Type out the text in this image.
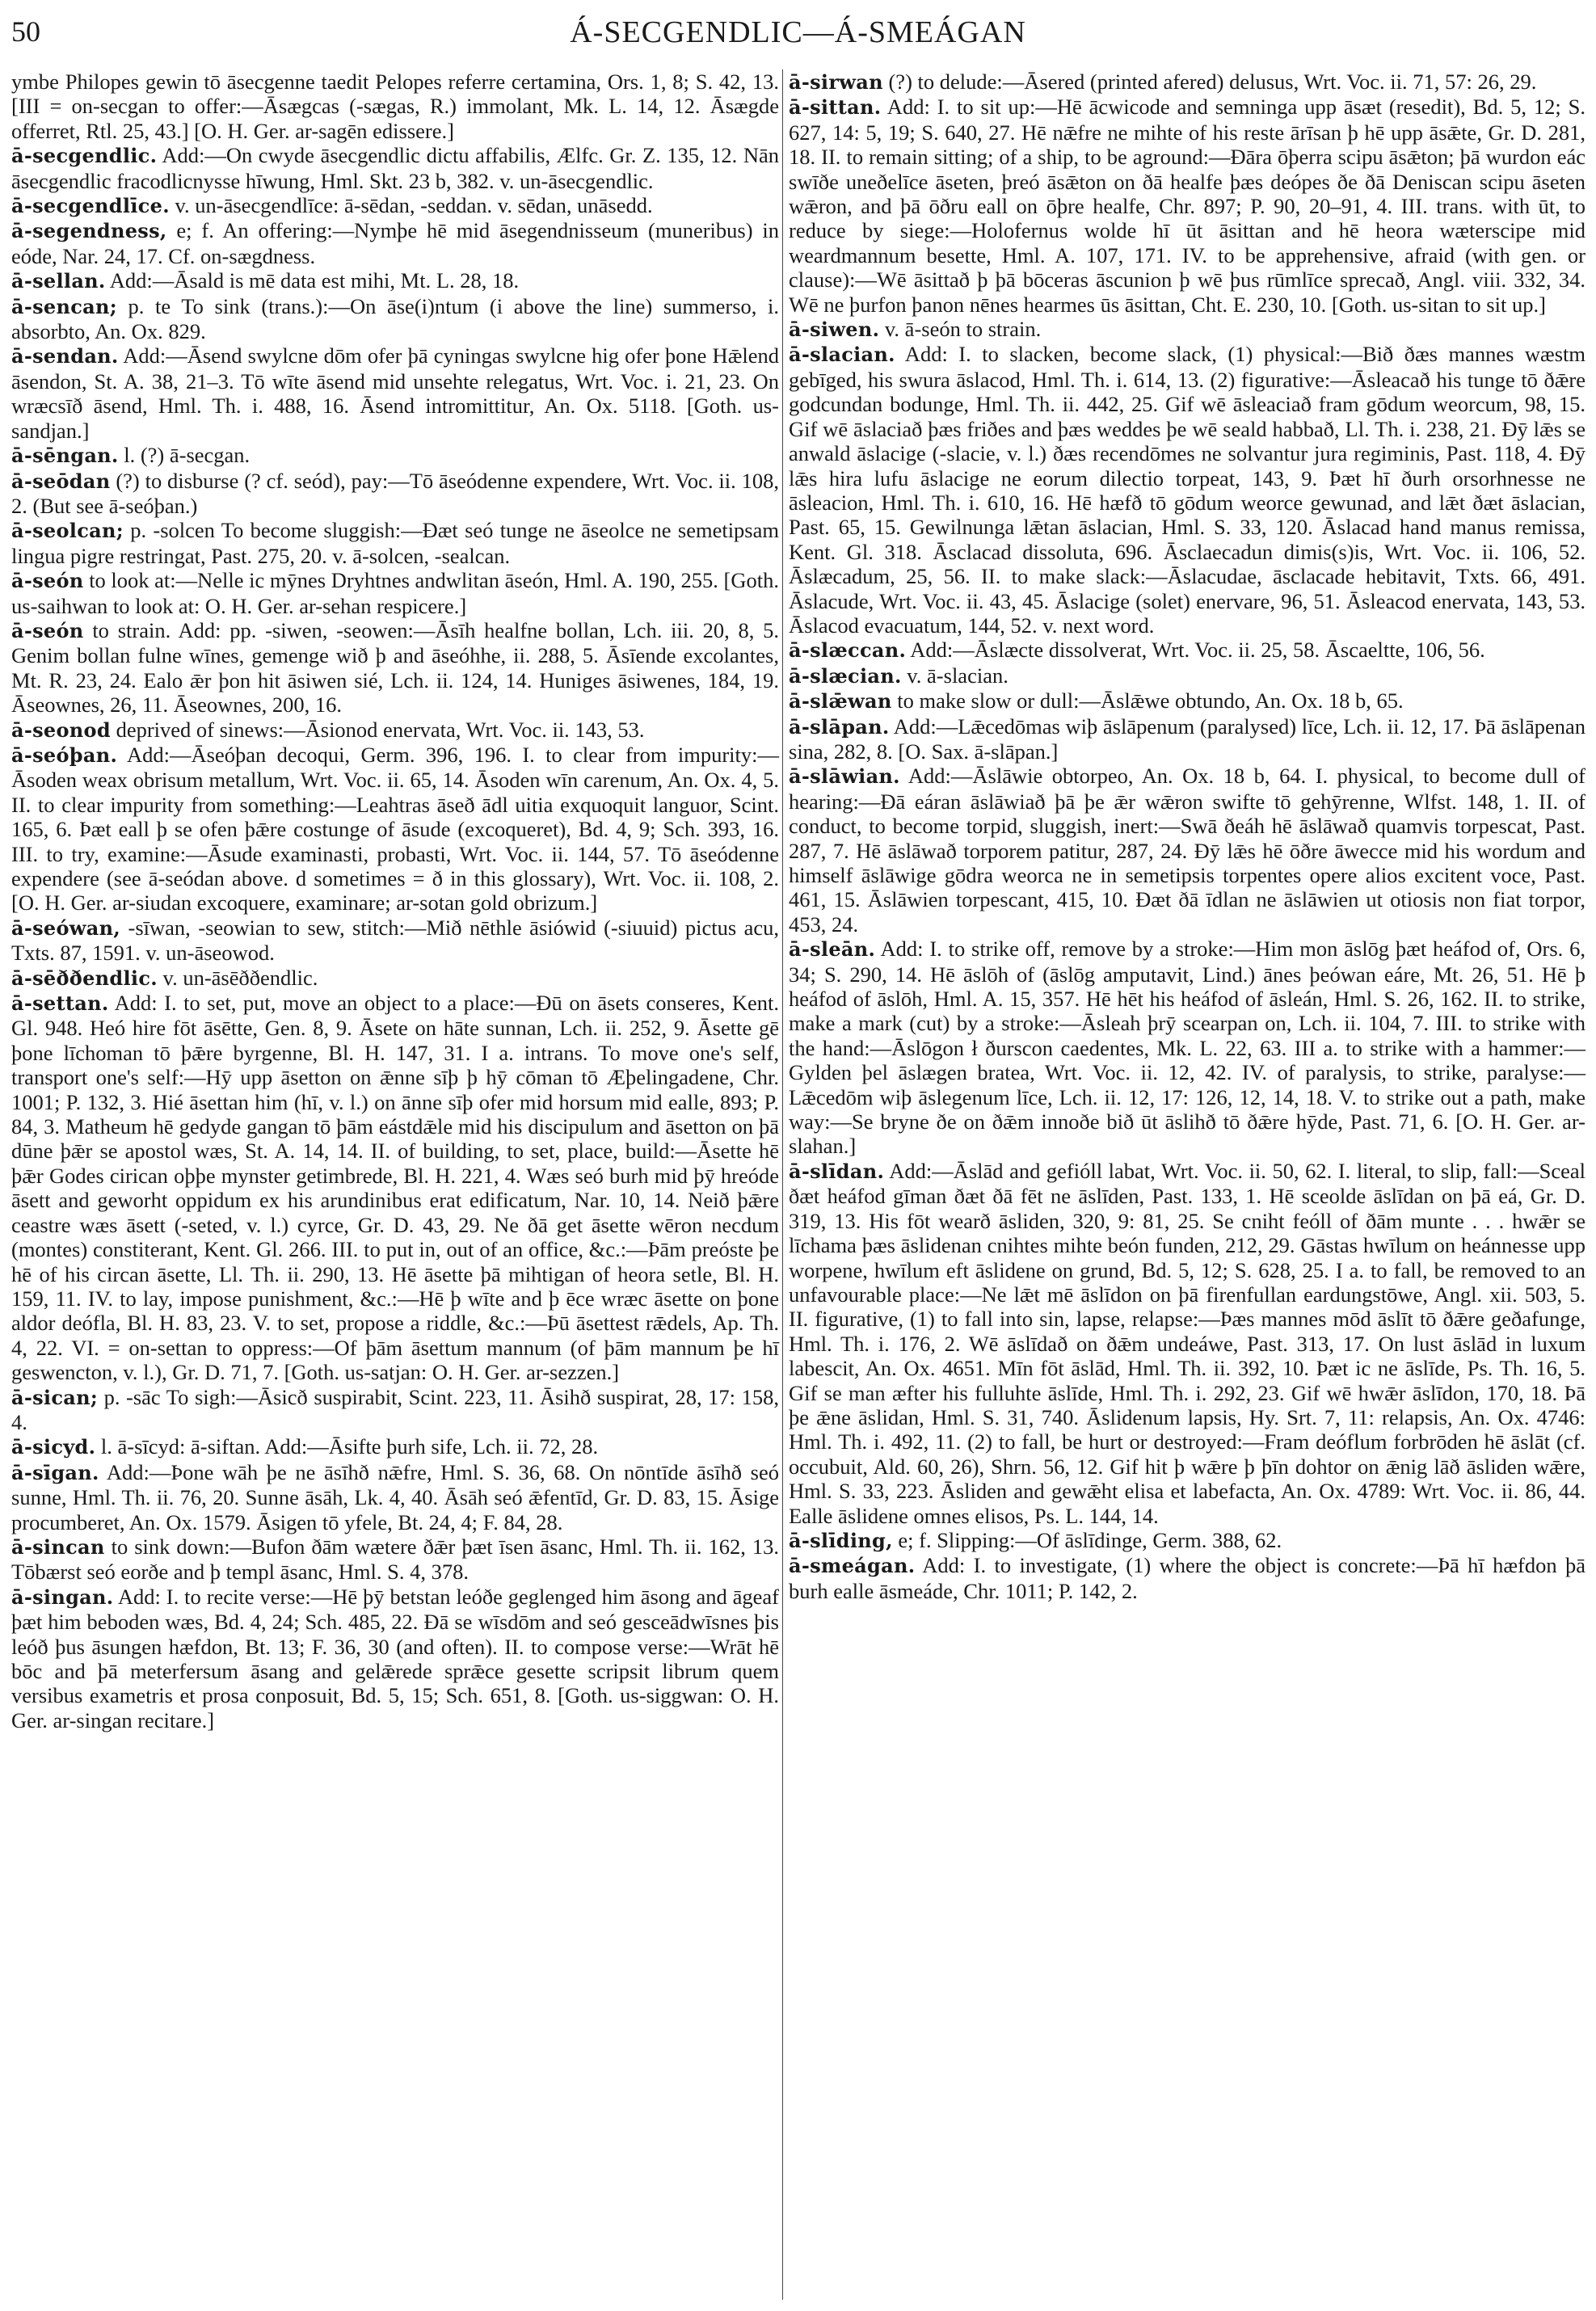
50	Á-SECGENDLIC—Á-SMEÁGAN

ymbe Philopes gewin tō āsecgenne taedit Pelopes referre certamina, Ors. 1, 8; S. 42, 13. [III = on-secgan to offer:—Āsægcas (-sægas, R.) immolant, Mk. L. 14, 12. Āsægde offerret, Rtl. 25, 43.] [O. H. Ger. ar-sagēn edissere.]

ā-secgendlic. Add:—On cwyde āsecgendlic dictu affabilis, Ælfc. Gr. Z. 135, 12. Nān āsecgendlic fracodlicnysse hīwung, Hml. Skt. 23 b, 382. v. un-āsecgendlic.

ā-secgendlīce. v. un-āsecgendlīce: ā-sēdan, -seddan. v. sēdan, unāsedd.

ā-segendness, e; f. An offering:—Nymþe hē mid āsegendnisseum (muneribus) in eóde, Nar. 24, 17. Cf. on-sægdness.

ā-sellan. Add:—Āsald is mē data est mihi, Mt. L. 28, 18.

ā-sencan; p. te To sink (trans.):—On āse(i)ntum (i above the line) summerso, i. absorbto, An. Ox. 829.

ā-sendan. Add:—Āsend swylcne dōm ofer þā cyningas swylcne hig ofer þone Hǣlend āsendon, St. A. 38, 21–3. Tō wīte āsend mid unsehte relegatus, Wrt. Voc. i. 21, 23. On wræcsīð āsend, Hml. Th. i. 488, 16. Āsend intromittitur, An. Ox. 5118. [Goth. us-sandjan.]

ā-sēngan. l. (?) ā-secgan.

ā-seōdan (?) to disburse (? cf. seód), pay:—Tō āseódenne expendere, Wrt. Voc. ii. 108, 2. (But see ā-seóþan.)

ā-seolcan; p. -solcen To become sluggish:—Ðæt seó tunge ne āseolce ne semetipsam lingua pigre restringat, Past. 275, 20. v. ā-solcen, -sealcan.

ā-seón to look at:—Nelle ic mȳnes Dryhtnes andwlitan āseón, Hml. A. 190, 255. [Goth. us-saihwan to look at: O. H. Ger. ar-sehan respicere.]

ā-seón to strain. Add: pp. -siwen, -seowen:—Āsīh healfne bollan, Lch. iii. 20, 8, 5. Genim bollan fulne wīnes, gemenge wið þ and āseóhhe, ii. 288, 5. Āsīende excolantes, Mt. R. 23, 24. Ealo ǣr þon hit āsiwen sié, Lch. ii. 124, 14. Huniges āsiwenes, 184, 19. Āseownes, 26, 11. Āseownes, 200, 16.

ā-seonod deprived of sinews:—Āsionod enervata, Wrt. Voc. ii. 143, 53.

ā-seóþan. Add:—Āseóþan decoqui, Germ. 396, 196. I. to clear from impurity:—Āsoden weax obrisum metallum, Wrt. Voc. ii. 65, 14. Āsoden wīn carenum, An. Ox. 4, 5. II. to clear impurity from something:—Leahtras āseð ādl uitia exquoquit languor, Scint. 165, 6. Þæt eall þ se ofen þǣre costunge of āsude (excoqueret), Bd. 4, 9; Sch. 393, 16. III. to try, examine:—Āsude examinasti, probasti, Wrt. Voc. ii. 144, 57. Tō āseódenne expendere (see ā-seódan above. d sometimes = ð in this glossary), Wrt. Voc. ii. 108, 2. [O. H. Ger. ar-siudan excoquere, examinare; ar-sotan gold obrizum.]

ā-seówan, -sīwan, -seowian to sew, stitch:—Mið nēthle āsiówid (-siuuid) pictus acu, Txts. 87, 1591. v. un-āseowod.

ā-sēððendlic. v. un-āsēððendlic.

ā-settan. Add: I. to set, put, move an object to a place:—Ðū on āsets conseres, Kent. Gl. 948. Heó hire fōt āsētte, Gen. 8, 9. Āsete on hāte sunnan, Lch. ii. 252, 9. Āsette gē þone līchoman tō þǣre byrgenne, Bl. H. 147, 31. I a. intrans. To move one's self, transport one's self:—Hȳ upp āsetton on ǣnne sīþ þ hȳ cōman tō Æþelingadene, Chr. 1001; P. 132, 3. Hié āsettan him (hī, v. l.) on ānne sīþ ofer mid horsum mid ealle, 893; P. 84, 3. Matheum hē gedyde gangan tō þām eástdǣle mid his discipulum and āsetton on þā dūne þǣr se apostol wæs, St. A. 14, 14. II. of building, to set, place, build:—Āsette hē þǣr Godes cirican oþþe mynster getimbrede, Bl. H. 221, 4. Wæs seó burh mid þȳ hreóde āsett and geworht oppidum ex his arundinibus erat edificatum, Nar. 10, 14. Neið þǣre ceastre wæs āsett (-seted, v. l.) cyrce, Gr. D. 43, 29. Ne ðā get āsette wēron necdum (montes) constiterant, Kent. Gl. 266. III. to put in, out of an office, &c.:—Þām preóste þe hē of his circan āsette, Ll. Th. ii. 290, 13. Hē āsette þā mihtigan of heora setle, Bl. H. 159, 11. IV. to lay, impose punishment, &c.:—Hē þ wīte and þ ēce wræc āsette on þone aldor deófla, Bl. H. 83, 23. V. to set, propose a riddle, &c.:—Þū āsettest rǣdels, Ap. Th. 4, 22. VI. = on-settan to oppress:—Of þām āsettum mannum (of þām mannum þe hī geswencton, v. l.), Gr. D. 71, 7. [Goth. us-satjan: O. H. Ger. ar-sezzen.]

ā-sican; p. -sāc To sigh:—Āsicð suspirabit, Scint. 223, 11. Āsihð suspirat, 28, 17: 158, 4.

ā-sicyd. l. ā-sīcyd: ā-siftan. Add:—Āsifte þurh sife, Lch. ii. 72, 28.

ā-sīgan. Add:—Þone wāh þe ne āsīhð nǣfre, Hml. S. 36, 68. On nōntīde āsīhð seó sunne, Hml. Th. ii. 76, 20. Sunne āsāh, Lk. 4, 40. Āsāh seó ǣfentīd, Gr. D. 83, 15. Āsige procumberet, An. Ox. 1579. Āsigen tō yfele, Bt. 24, 4; F. 84, 28.

ā-sincan to sink down:—Bufon ðām wætere ðǣr þæt īsen āsanc, Hml. Th. ii. 162, 13. Tōbærst seó eorðe and þ templ āsanc, Hml. S. 4, 378.

ā-singan. Add: I. to recite verse:—Hē þȳ betstan leóðe geglenged him āsong and āgeaf þæt him beboden wæs, Bd. 4, 24; Sch. 485, 22. Ðā se wīsdōm and seó gesceādwīsnes þis leóð þus āsungen hæfdon, Bt. 13; F. 36, 30 (and often). II. to compose verse:—Wrāt hē bōc and þā meterfersum āsang and gelǣrede sprǣce gesette scripsit librum quem versibus exametris et prosa conposuit, Bd. 5, 15; Sch. 651, 8. [Goth. us-siggwan: O. H. Ger. ar-singan recitare.]

ā-sirwan (?) to delude:—Āsered (printed afered) delusus, Wrt. Voc. ii. 71, 57: 26, 29.

ā-sittan. Add: I. to sit up:—Hē ācwicode and semninga upp āsæt (resedit), Bd. 5, 12; S. 627, 14: 5, 19; S. 640, 27. Hē nǣfre ne mihte of his reste ārīsan þ hē upp āsǣte, Gr. D. 281, 18. II. to remain sitting; of a ship, to be aground:—Ðāra ōþerra scipu āsǣton; þā wurdon eác swīðe uneðelīce āseten, þreó āsǣton on ðā healfe þæs deópes ðe ðā Deniscan scipu āseten wǣron, and þā ōðru eall on ōþre healfe, Chr. 897; P. 90, 20–91, 4. III. trans. with ūt, to reduce by siege:—Holofernus wolde hī ūt āsittan and hē heora wæterscipe mid weardmannum besette, Hml. A. 107, 171. IV. to be apprehensive, afraid (with gen. or clause):—Wē āsittað þ þā bōceras āscunion þ wē þus rūmlīce sprecað, Angl. viii. 332, 34. Wē ne þurfon þanon nēnes hearmes ūs āsittan, Cht. E. 230, 10. [Goth. us-sitan to sit up.]

ā-siwen. v. ā-seón to strain.

ā-slacian. Add: I. to slacken, become slack, (1) physical:—Bið ðæs mannes wæstm gebīged, his swura āslacod, Hml. Th. i. 614, 13. (2) figurative:—Āsleacað his tunge tō ðǣre godcundan bodunge, Hml. Th. ii. 442, 25. Gif wē āsleaciað fram gōdum weorcum, 98, 15. Gif wē āslaciað þæs friðes and þæs weddes þe wē seald habbað, Ll. Th. i. 238, 21. Ðȳ lǣs se anwald āslacige (-slacie, v. l.) ðæs recendōmes ne solvantur jura regiminis, Past. 118, 4. Ðȳ lǣs hira lufu āslacige ne eorum dilectio torpeat, 143, 9. Þæt hī ðurh orsorhnesse ne āsleacion, Hml. Th. i. 610, 16. Hē hæfð tō gōdum weorce gewunad, and lǣt ðæt āslacian, Past. 65, 15. Gewilnunga lǣtan āslacian, Hml. S. 33, 120. Āslacad hand manus remissa, Kent. Gl. 318. Āsclacad dissoluta, 696. Āsclaecadun dimis(s)is, Wrt. Voc. ii. 106, 52. Āslæcadum, 25, 56. II. to make slack:—Āslacudae, āsclacade hebitavit, Txts. 66, 491. Āslacude, Wrt. Voc. ii. 43, 45. Āslacige (solet) enervare, 96, 51. Āsleacod enervata, 143, 53. Āslacod evacuatum, 144, 52. v. next word.

ā-slæccan. Add:—Āslæcte dissolverat, Wrt. Voc. ii. 25, 58. Āscaeltte, 106, 56.

ā-slæcian. v. ā-slacian.

ā-slǣwan to make slow or dull:—Āslǣwe obtundo, An. Ox. 18 b, 65.

ā-slāpan. Add:—Lǣcedōmas wiþ āslāpenum (paralysed) līce, Lch. ii. 12, 17. Þā āslāpenan sina, 282, 8. [O. Sax. ā-slāpan.]

ā-slāwian. Add:—Āslāwie obtorpeo, An. Ox. 18 b, 64. I. physical, to become dull of hearing:—Ðā eáran āslāwiað þā þe ǣr wǣron swifte tō gehȳrenne, Wlfst. 148, 1. II. of conduct, to become torpid, sluggish, inert:—Swā ðeáh hē āslāwað quamvis torpescat, Past. 287, 7. Hē āslāwað torporem patitur, 287, 24. Ðȳ lǣs hē ōðre āwecce mid his wordum and himself āslāwige gōdra weorca ne in semetipsis torpentes opere alios excitent voce, Past. 461, 15. Āslāwien torpescant, 415, 10. Ðæt ðā īdlan ne āslāwien ut otiosis non fiat torpor, 453, 24.

ā-sleān. Add: I. to strike off, remove by a stroke:—Him mon āslōg þæt heáfod of, Ors. 6, 34; S. 290, 14. Hē āslōh of (āslōg amputavit, Lind.) ānes þeówan eáre, Mt. 26, 51. Hē þ heáfod of āslōh, Hml. A. 15, 357. Hē hēt his heáfod of āsleán, Hml. S. 26, 162. II. to strike, make a mark (cut) by a stroke:—Āsleah þrȳ scearpan on, Lch. ii. 104, 7. III. to strike with the hand:—Āslōgon ł ðurscon caedentes, Mk. L. 22, 63. III a. to strike with a hammer:—Gylden þel āslægen bratea, Wrt. Voc. ii. 12, 42. IV. of paralysis, to strike, paralyse:—Lǣcedōm wiþ āslegenum līce, Lch. ii. 12, 17: 126, 12, 14, 18. V. to strike out a path, make way:—Se bryne ðe on ðǣm innoðe bið ūt āslihð tō ðǣre hȳde, Past. 71, 6. [O. H. Ger. ar-slahan.]

ā-slīdan. Add:—Āslād and gefióll labat, Wrt. Voc. ii. 50, 62. I. literal, to slip, fall:—Sceal ðæt heáfod gīman ðæt ðā fēt ne āslīden, Past. 133, 1. Hē sceolde āslīdan on þā eá, Gr. D. 319, 13. His fōt wearð āsliden, 320, 9: 81, 25. Se cniht feóll of ðām munte . . . hwǣr se līchama þæs āslidenan cnihtes mihte beón funden, 212, 29. Gāstas hwīlum on heánnesse upp worpene, hwīlum eft āslidene on grund, Bd. 5, 12; S. 628, 25. I a. to fall, be removed to an unfavourable place:—Ne lǣt mē āslīdon on þā firenfullan eardungstōwe, Angl. xii. 503, 5. II. figurative, (1) to fall into sin, lapse, relapse:—Þæs mannes mōd āslīt tō ðǣre geðafunge, Hml. Th. i. 176, 2. Wē āslīdað on ðǣm undeáwe, Past. 313, 17. On lust āslād in luxum labescit, An. Ox. 4651. Mīn fōt āslād, Hml. Th. ii. 392, 10. Þæt ic ne āslīde, Ps. Th. 16, 5. Gif se man æfter his fulluhte āslīde, Hml. Th. i. 292, 23. Gif wē hwǣr āslīdon, 170, 18. Þā þe ǣne āslidan, Hml. S. 31, 740. Āslidenum lapsis, Hy. Srt. 7, 11: relapsis, An. Ox. 4746: Hml. Th. i. 492, 11. (2) to fall, be hurt or destroyed:—Fram deóflum forbrōden hē āslāt (cf. occubuit, Ald. 60, 26), Shrn. 56, 12. Gif hit þ wǣre þ þīn dohtor on ǣnig lāð āsliden wǣre, Hml. S. 33, 223. Āsliden and gewǣht elisa et labefacta, An. Ox. 4789: Wrt. Voc. ii. 86, 44. Ealle āslidene omnes elisos, Ps. L. 144, 14.

ā-slīding, e; f. Slipping:—Of āslīdinge, Germ. 388, 62.

ā-smeágan. Add: I. to investigate, (1) where the object is concrete:—Þā hī hæfdon þā burh ealle āsmeáde, Chr. 1011; P. 142, 2.
